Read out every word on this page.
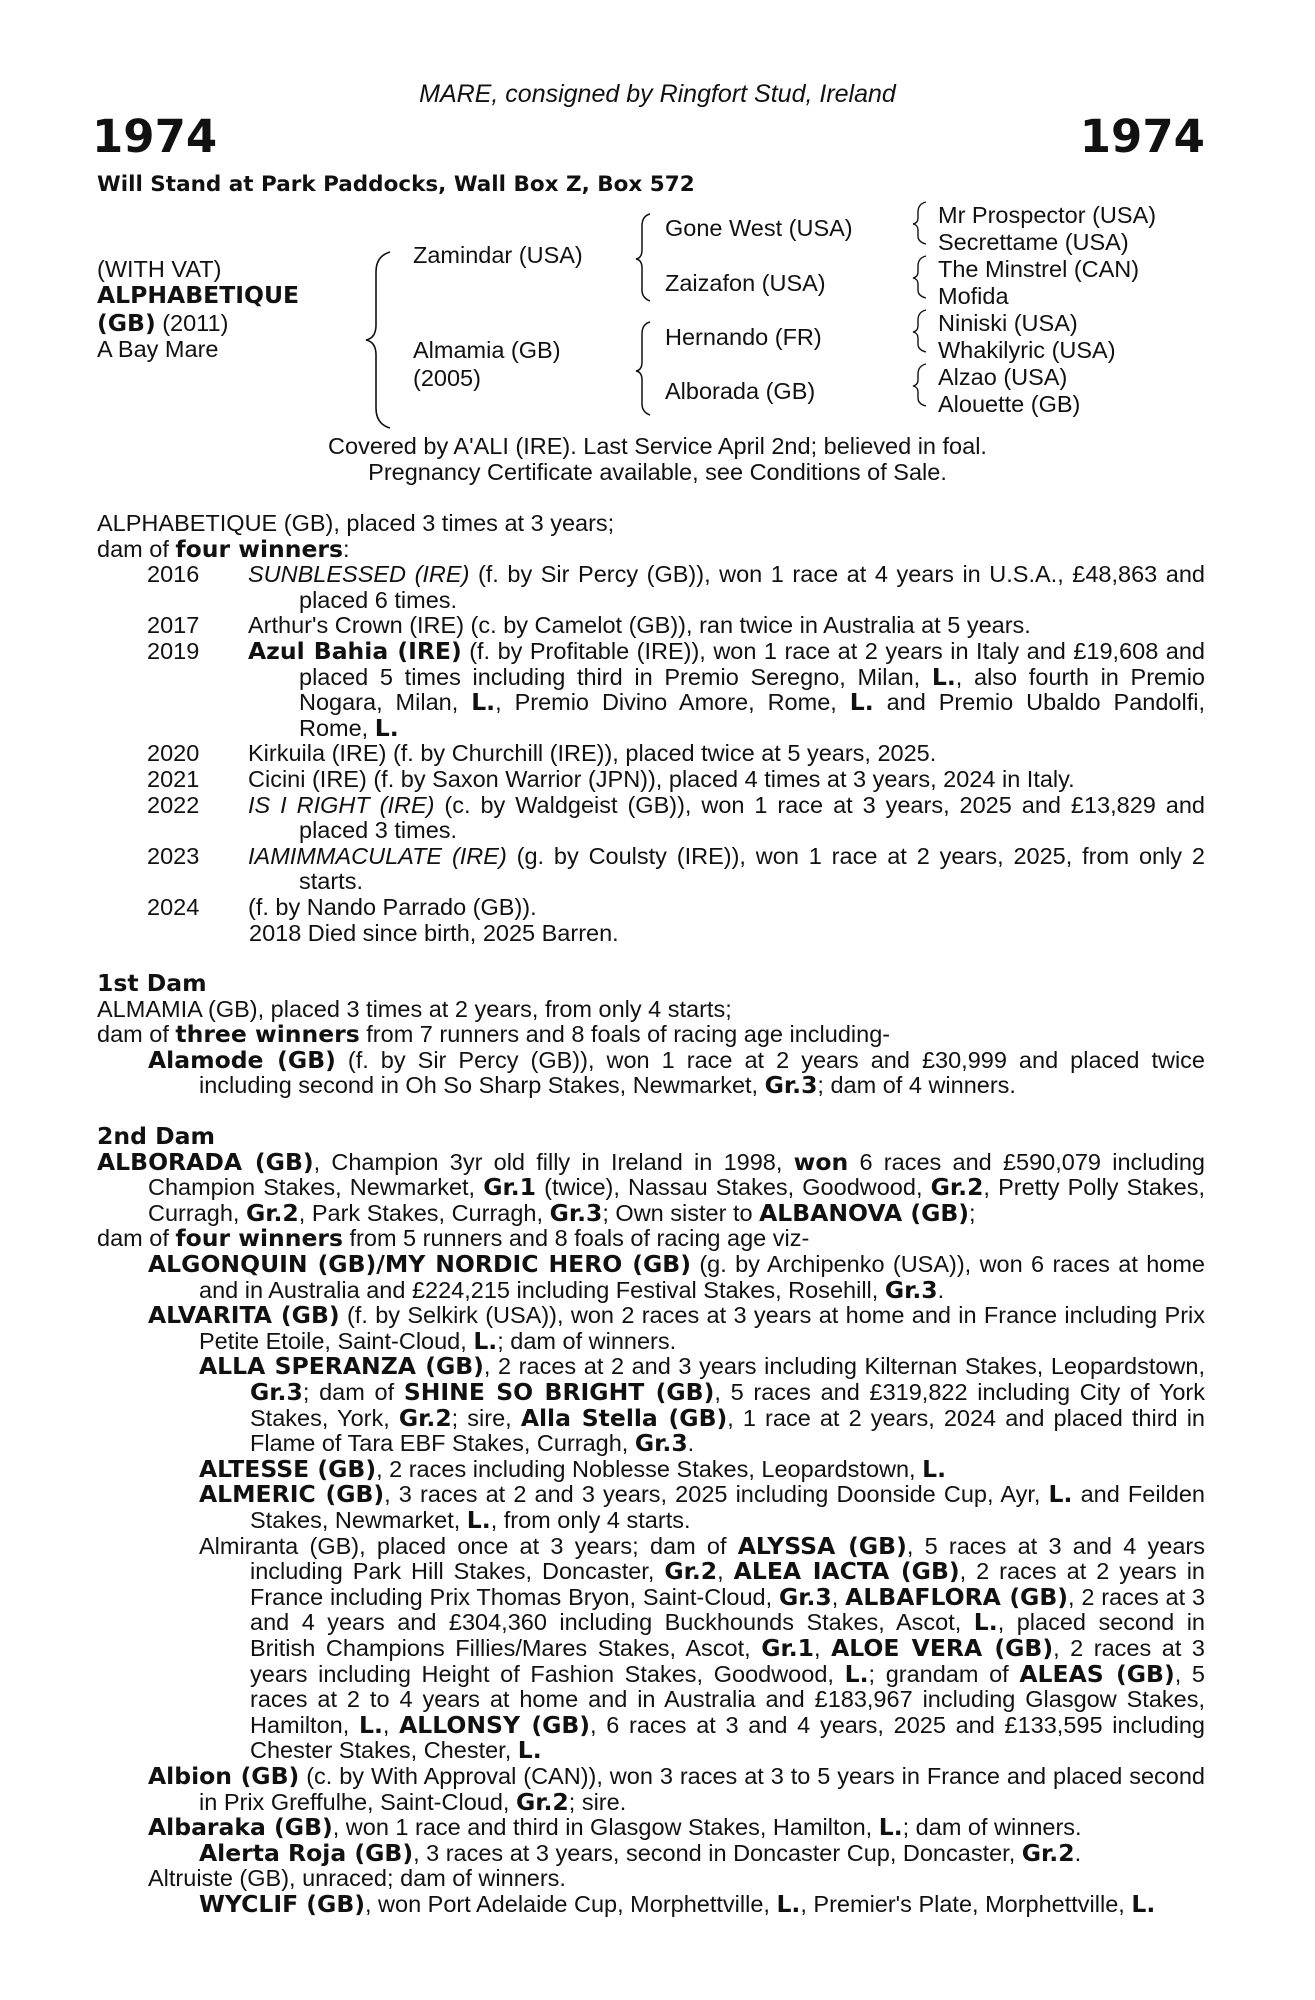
MARE, consigned by Ringfort Stud, Ireland
1974	1974
Will Stand at Park Paddocks, Wall Box Z, Box 572
(WITH VAT)
ALPHABETIQUE
(GB) (2011)
A Bay Mare
Zamindar (USA)
Almamia (GB)
(2005)
Gone West (USA)
Zaizafon (USA)
Hernando (FR)
Alborada (GB)
Mr Prospector (USA)
Secrettame (USA)
The Minstrel (CAN)
Mofida
Niniski (USA)
Whakilyric (USA)
Alzao (USA)
Alouette (GB)
Covered by A'ALI (IRE). Last Service April 2nd; believed in foal.
Pregnancy Certificate available, see Conditions of Sale.

ALPHABETIQUE (GB), placed 3 times at 3 years;

dam of four winners:

2016 SUNBLESSED (IRE) (f. by Sir Percy (GB)), won 1 race at 4 years in U.S.A., £48,863 and placed 6 times.

2017 Arthur's Crown (IRE) (c. by Camelot (GB)), ran twice in Australia at 5 years.

2019 Azul Bahia (IRE) (f. by Profitable (IRE)), won 1 race at 2 years in Italy and £19,608 and placed 5 times including third in Premio Seregno, Milan, L., also fourth in Premio Nogara, Milan, L., Premio Divino Amore, Rome, L. and Premio Ubaldo Pandolfi, Rome, L.

2020 Kirkuila (IRE) (f. by Churchill (IRE)), placed twice at 5 years, 2025.

2021 Cicini (IRE) (f. by Saxon Warrior (JPN)), placed 4 times at 3 years, 2024 in Italy.

2022 IS I RIGHT (IRE) (c. by Waldgeist (GB)), won 1 race at 3 years, 2025 and £13,829 and placed 3 times.

2023 IAMIMMACULATE (IRE) (g. by Coulsty (IRE)), won 1 race at 2 years, 2025, from only 2 starts.

2024 (f. by Nando Parrado (GB)).

2018 Died since birth, 2025 Barren.

1st Dam

ALMAMIA (GB), placed 3 times at 2 years, from only 4 starts;

dam of three winners from 7 runners and 8 foals of racing age including-

Alamode (GB) (f. by Sir Percy (GB)), won 1 race at 2 years and £30,999 and placed twice including second in Oh So Sharp Stakes, Newmarket, Gr.3; dam of 4 winners.

2nd Dam

ALBORADA (GB), Champion 3yr old filly in Ireland in 1998, won 6 races and £590,079 including Champion Stakes, Newmarket, Gr.1 (twice), Nassau Stakes, Goodwood, Gr.2, Pretty Polly Stakes, Curragh, Gr.2, Park Stakes, Curragh, Gr.3; Own sister to ALBANOVA (GB);

dam of four winners from 5 runners and 8 foals of racing age viz-

ALGONQUIN (GB)/MY NORDIC HERO (GB) (g. by Archipenko (USA)), won 6 races at home and in Australia and £224,215 including Festival Stakes, Rosehill, Gr.3.

ALVARITA (GB) (f. by Selkirk (USA)), won 2 races at 3 years at home and in France including Prix Petite Etoile, Saint-Cloud, L.; dam of winners.

ALLA SPERANZA (GB), 2 races at 2 and 3 years including Kilternan Stakes, Leopardstown, Gr.3; dam of SHINE SO BRIGHT (GB), 5 races and £319,822 including City of York Stakes, York, Gr.2; sire, Alla Stella (GB), 1 race at 2 years, 2024 and placed third in Flame of Tara EBF Stakes, Curragh, Gr.3.

ALTESSE (GB), 2 races including Noblesse Stakes, Leopardstown, L.

ALMERIC (GB), 3 races at 2 and 3 years, 2025 including Doonside Cup, Ayr, L. and Feilden Stakes, Newmarket, L., from only 4 starts.

Almiranta (GB), placed once at 3 years; dam of ALYSSA (GB), 5 races at 3 and 4 years including Park Hill Stakes, Doncaster, Gr.2, ALEA IACTA (GB), 2 races at 2 years in France including Prix Thomas Bryon, Saint-Cloud, Gr.3, ALBAFLORA (GB), 2 races at 3 and 4 years and £304,360 including Buckhounds Stakes, Ascot, L., placed second in British Champions Fillies/Mares Stakes, Ascot, Gr.1, ALOE VERA (GB), 2 races at 3 years including Height of Fashion Stakes, Goodwood, L.; grandam of ALEAS (GB), 5 races at 2 to 4 years at home and in Australia and £183,967 including Glasgow Stakes, Hamilton, L., ALLONSY (GB), 6 races at 3 and 4 years, 2025 and £133,595 including Chester Stakes, Chester, L.

Albion (GB) (c. by With Approval (CAN)), won 3 races at 3 to 5 years in France and placed second in Prix Greffulhe, Saint-Cloud, Gr.2; sire.

Albaraka (GB), won 1 race and third in Glasgow Stakes, Hamilton, L.; dam of winners.

Alerta Roja (GB), 3 races at 3 years, second in Doncaster Cup, Doncaster, Gr.2.

Altruiste (GB), unraced; dam of winners.

WYCLIF (GB), won Port Adelaide Cup, Morphettville, L., Premier's Plate, Morphettville, L.
